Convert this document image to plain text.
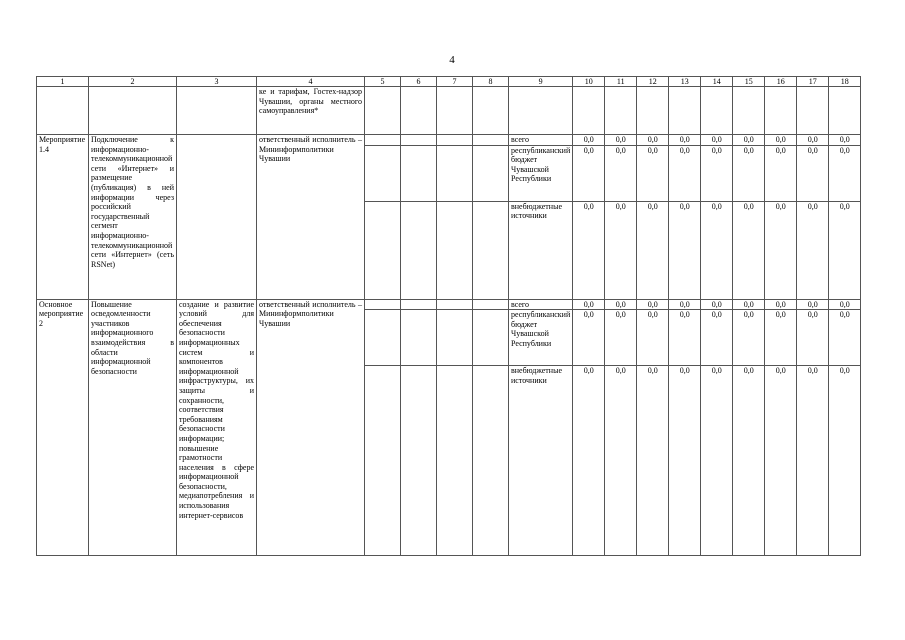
4
1	2	3	4	5	6	7	8	9	10	11	12	13	14	15	16	17	18
			ке и тарифам, Гостех-надзор Чувашии, органы местного самоуправления*														
Мероприятие 1.4	Подключение к информационно-телекоммуникационной сети «Интернет» и размещение (публикация) в ней информации через российский государственный сегмент информационно-телекоммуникационной сети «Интернет» (сеть RSNet)		ответственный исполнитель – Мининформполитики Чувашии					всего	0,0	0,0	0,0	0,0	0,0	0,0	0,0	0,0	0,0
								республиканский бюджет Чувашской Республики	0,0	0,0	0,0	0,0	0,0	0,0	0,0	0,0	0,0
								внебюджетные источники	0,0	0,0	0,0	0,0	0,0	0,0	0,0	0,0	0,0
Основное мероприятие 2	Повышение осведомленности участников информационного взаимодействия в области информационной безопасности	создание и развитие условий для обеспечения безопасности информационных систем и компонентов информационной инфраструктуры, их защиты и сохранности, соответствия требованиям безопасности информации; повышение грамотности населения в сфере информационной безопасности, медиапотребления и использования интернет-сервисов	ответственный исполнитель – Мининформполитики Чувашии					всего	0,0	0,0	0,0	0,0	0,0	0,0	0,0	0,0	0,0
								республиканский бюджет Чувашской Республики	0,0	0,0	0,0	0,0	0,0	0,0	0,0	0,0	0,0
								внебюджетные источники	0,0	0,0	0,0	0,0	0,0	0,0	0,0	0,0	0,0
